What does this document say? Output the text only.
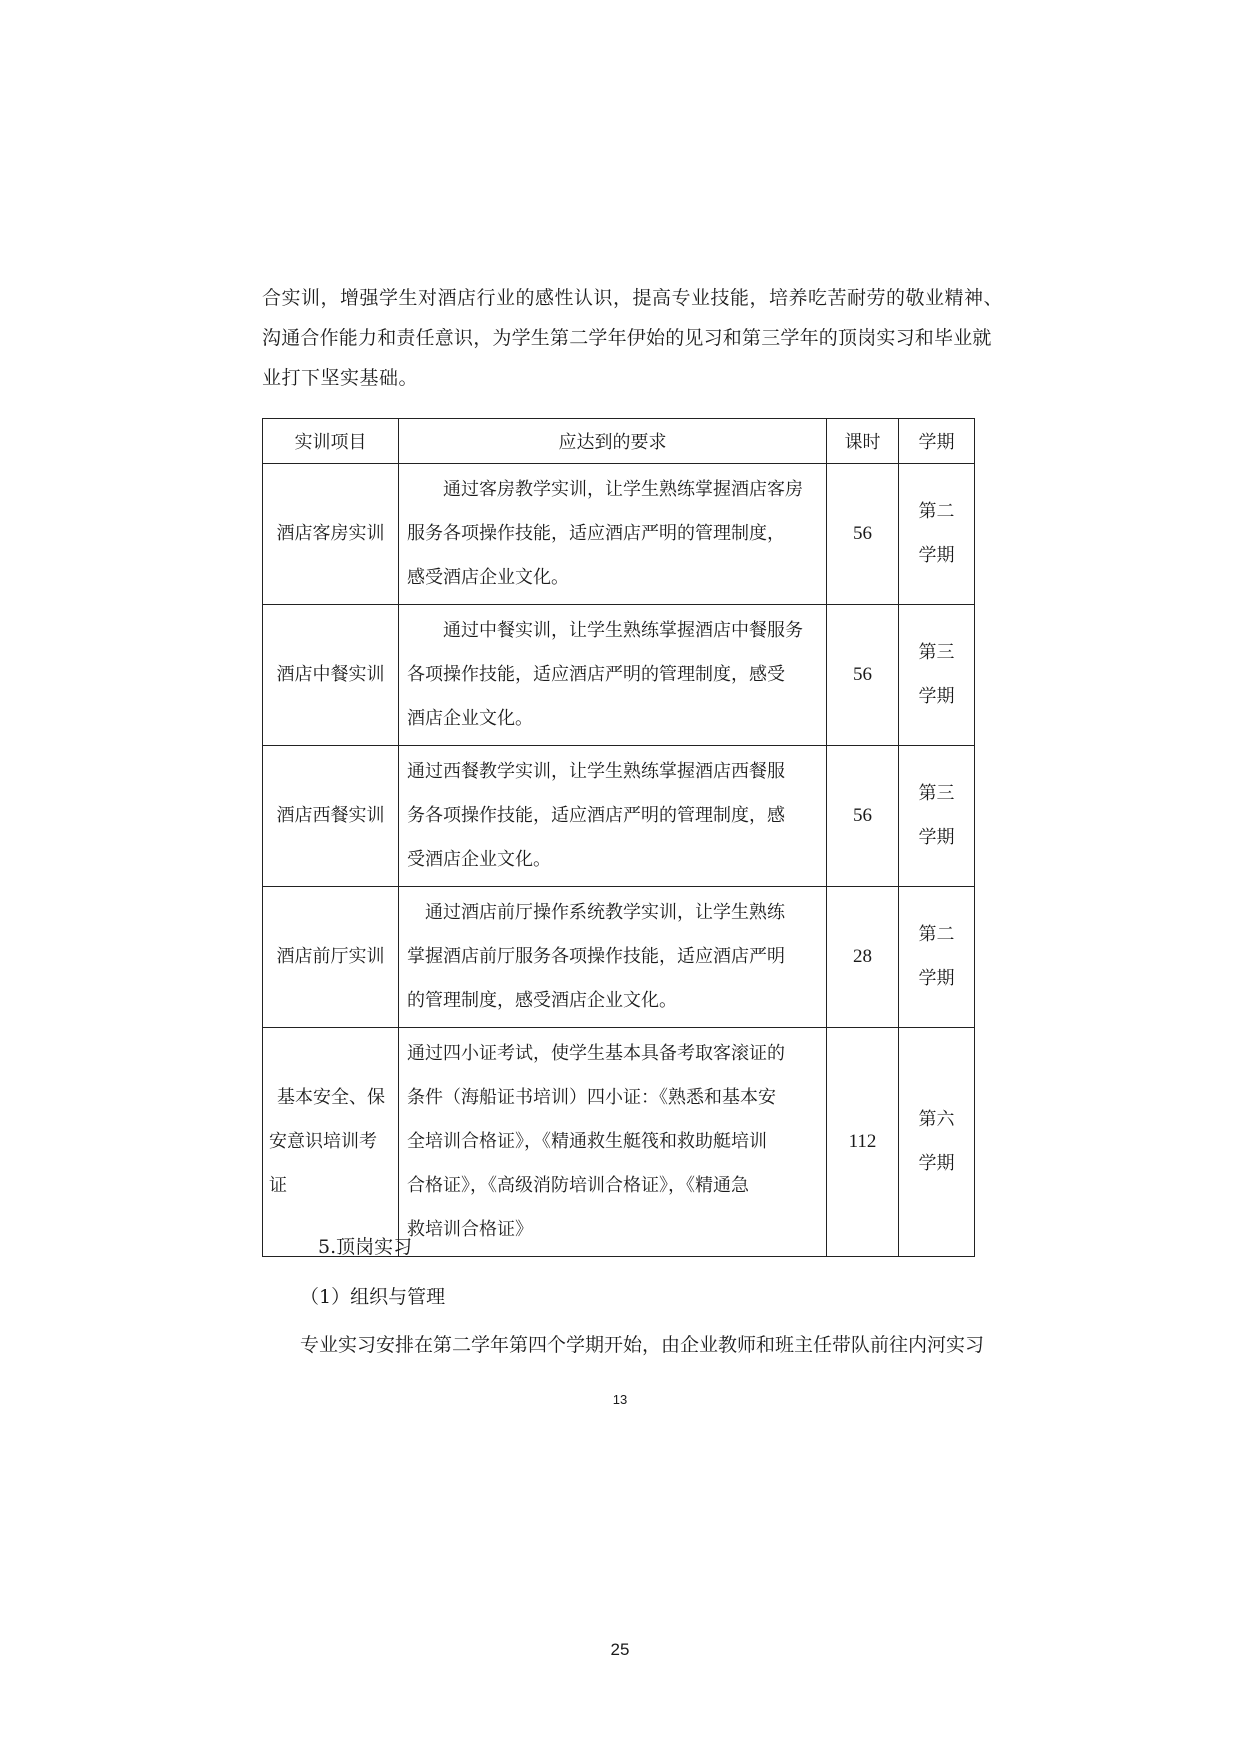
合实训，增强学生对酒店行业的感性认识，提高专业技能，培养吃苦耐劳的敬业精神、
沟通合作能力和责任意识，为学生第二学年伊始的见习和第三学年的顶岗实习和毕业就
业打下坚实基础。
实训项目	应达到的要求	课时	学期
酒店客房实训	　　通过客房教学实训，让学生熟练掌握酒店客房
服务各项操作技能，适应酒店严明的管理制度，
感受酒店企业文化。	56	第二
学期

酒店中餐实训	　　通过中餐实训，让学生熟练掌握酒店中餐服务
各项操作技能，适应酒店严明的管理制度，感受
酒店企业文化。	56	第三
学期

酒店西餐实训	通过西餐教学实训，让学生熟练掌握酒店西餐服
务各项操作技能，适应酒店严明的管理制度，感
受酒店企业文化。	56	第三
学期

酒店前厅实训	　通过酒店前厅操作系统教学实训，让学生熟练
掌握酒店前厅服务各项操作技能，适应酒店严明
的管理制度，感受酒店企业文化。	28	第二
学期

基本安全、保
安意识培训考
证	通过四小证考试，使学生基本具备考取客滚证的
条件（海船证书培训）四小证：《熟悉和基本安
全培训合格证》，《精通救生艇筏和救助艇培训
合格证》，《高级消防培训合格证》，《精通急
救培训合格证》	112	第六
学期

5.顶岗实习

（1）组织与管理

专业实习安排在第二学年第四个学期开始，由企业教师和班主任带队前往内河实习

13

25
